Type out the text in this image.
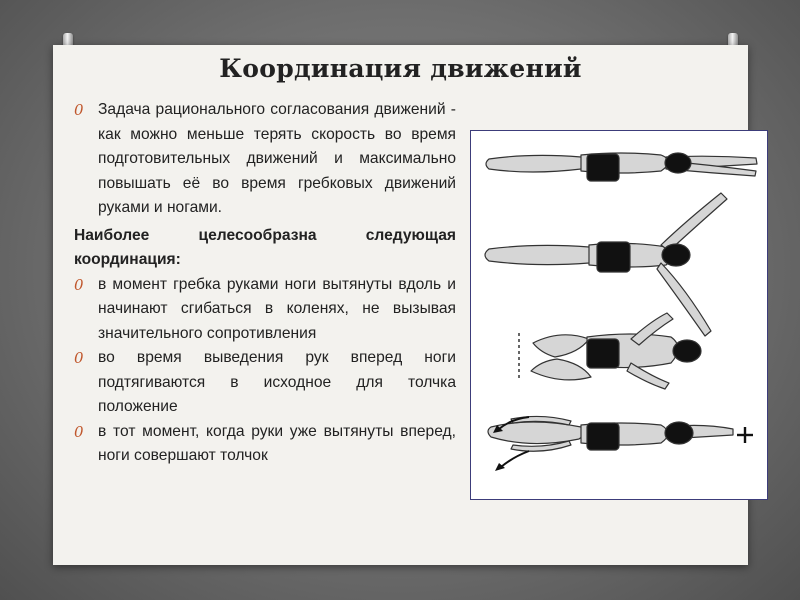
Координация движений

0 Задача рационального согласования движений - как можно меньше терять скорость во время подготовительных движений и максимально повышать её во время гребковых движений руками и ногами.

Наиболее целесообразна следующая координация:

0 в момент гребка руками ноги вытянуты вдоль и начинают сгибаться в коленях, не вызывая значительного сопротивления

0 во время выведения рук вперед ноги подтягиваются в исходное для толчка положение

0 в тот момент, когда руки уже вытянуты вперед, ноги совершают толчок
